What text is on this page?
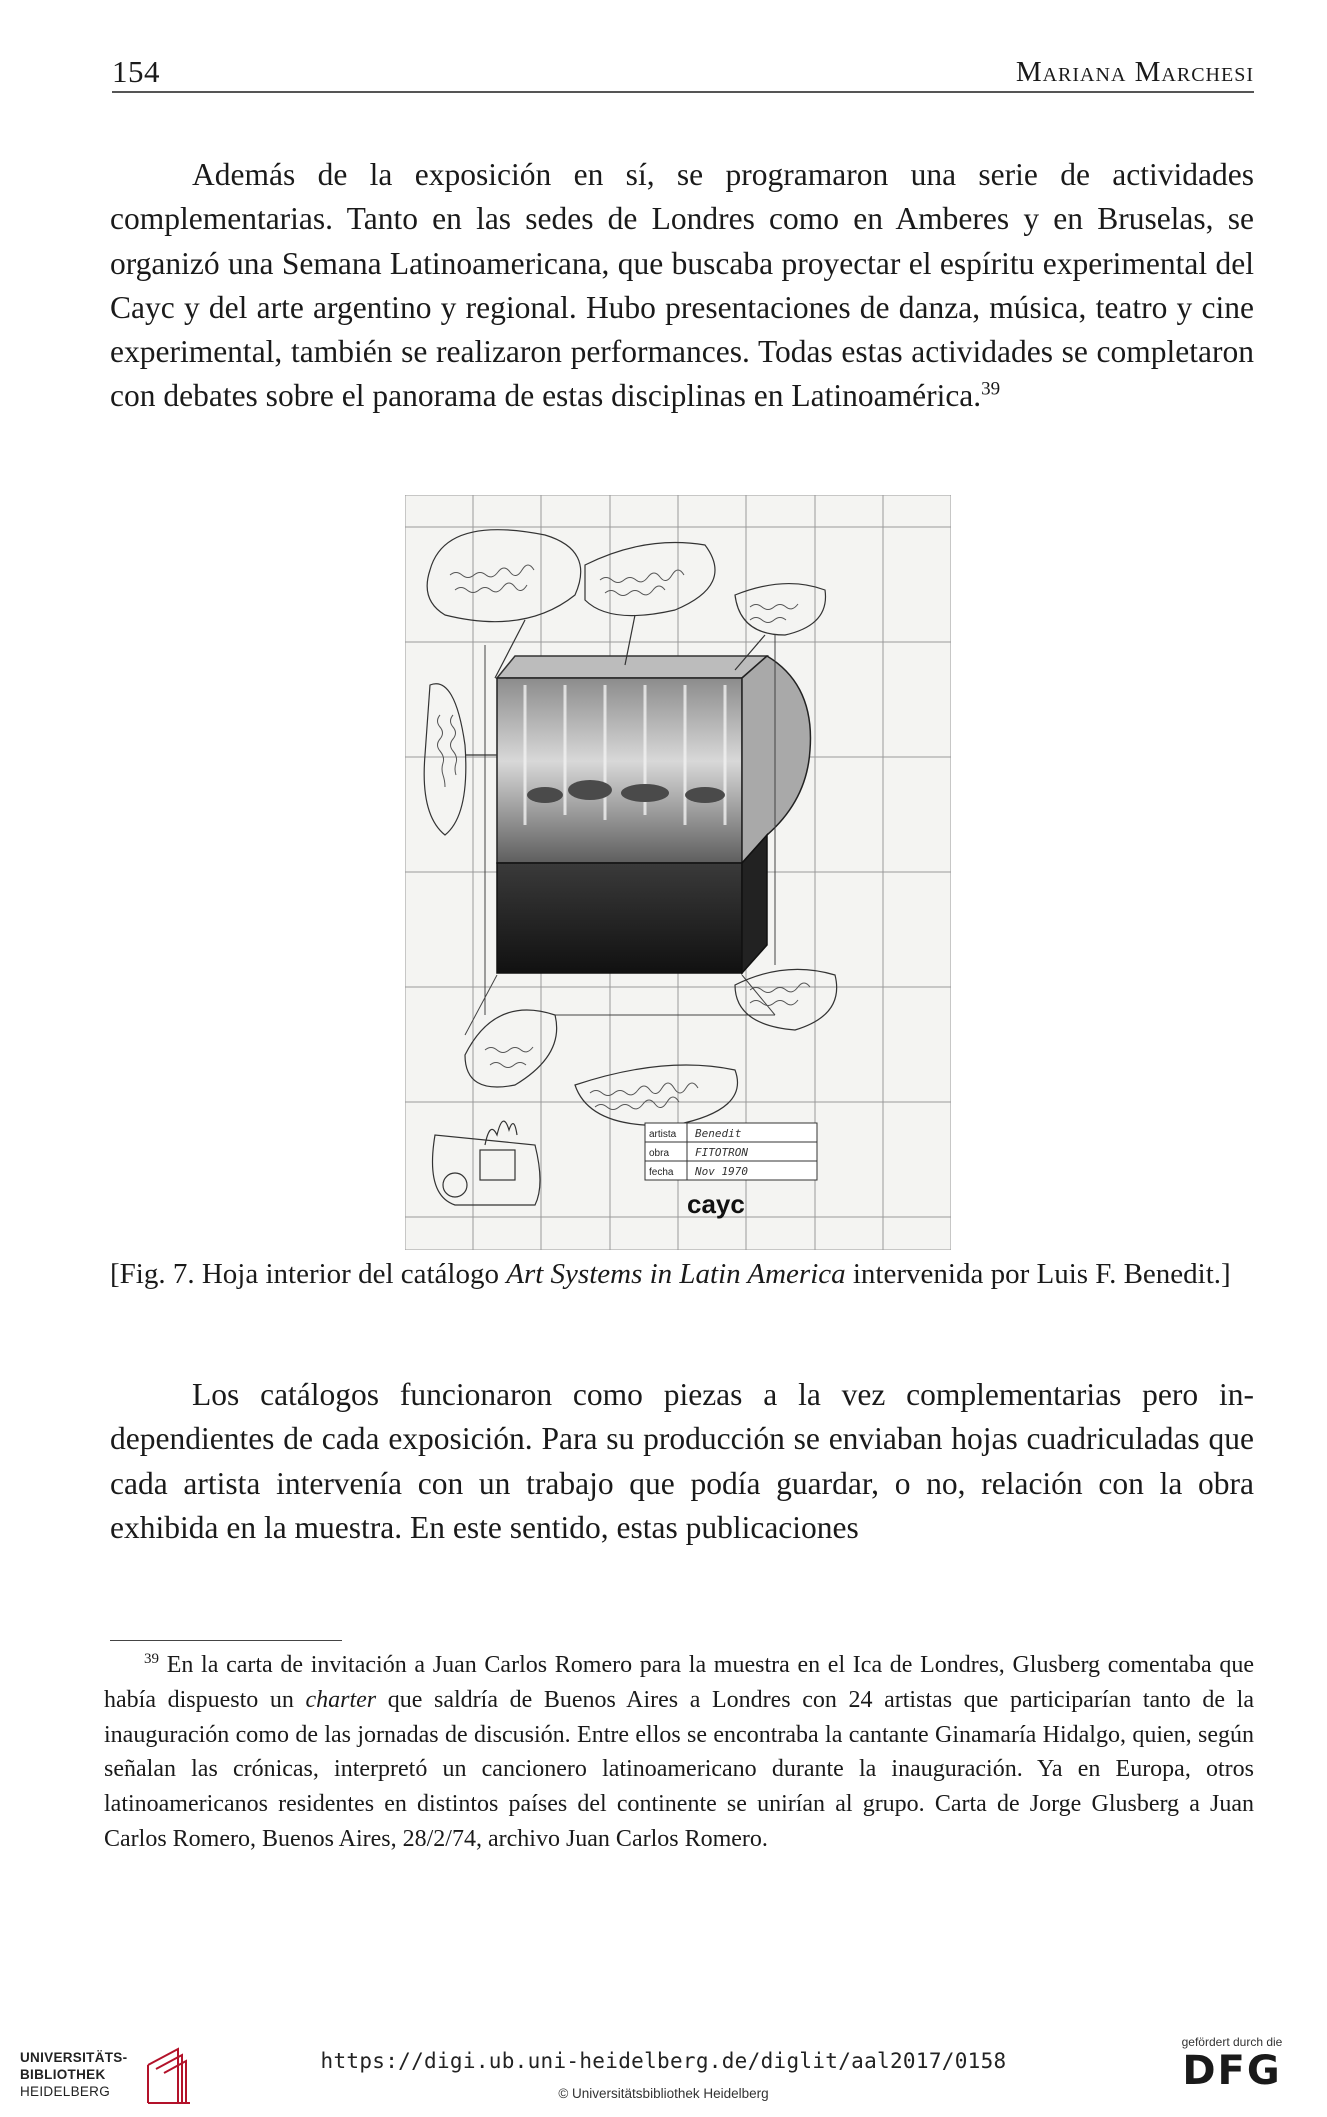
154	Mariana Marchesi

Además de la exposición en sí, se programaron una serie de actividades complementarias. Tanto en las sedes de Londres como en Amberes y en Bruselas, se organizó una Semana Latinoamericana, que buscaba proyectar el espíritu experimental del Cayc y del arte argentino y regional. Hubo presentaciones de danza, música, teatro y cine experimental, también se realizaron performances. Todas estas actividades se completaron con debates sobre el panorama de estas disciplinas en Latinoamérica.$^{39}$

artista
obra
fecha
Benedit
FITOTRON
Nov 1970
cayc

[Fig. 7. Hoja interior del catálogo Art Systems in Latin America intervenida por Luis F. Benedit.]

Los catálogos funcionaron como piezas a la vez complementarias pero independientes de cada exposición. Para su producción se enviaban hojas cuadriculadas que cada artista intervenía con un trabajo que podía guardar, o no, relación con la obra exhibida en la muestra. En este sentido, estas publicaciones

$^{39}$ En la carta de invitación a Juan Carlos Romero para la muestra en el Ica de Londres, Glusberg comentaba que había dispuesto un charter que saldría de Buenos Aires a Londres con 24 artistas que participarían tanto de la inauguración como de las jornadas de discusión. Entre ellos se encontraba la cantante Ginamaría Hidalgo, quien, según señalan las crónicas, interpretó un cancionero latinoamericano durante la inauguración. Ya en Europa, otros latinoamericanos residentes en distintos países del continente se unirían al grupo. Carta de Jorge Glusberg a Juan Carlos Romero, Buenos Aires, 28/2/74, archivo Juan Carlos Romero.

UNIVERSITÄTS-
BIBLIOTHEK
HEIDELBERG
https://digi.ub.uni-heidelberg.de/diglit/aal2017/0158
© Universitätsbibliothek Heidelberg
gefördert durch die
DFG
